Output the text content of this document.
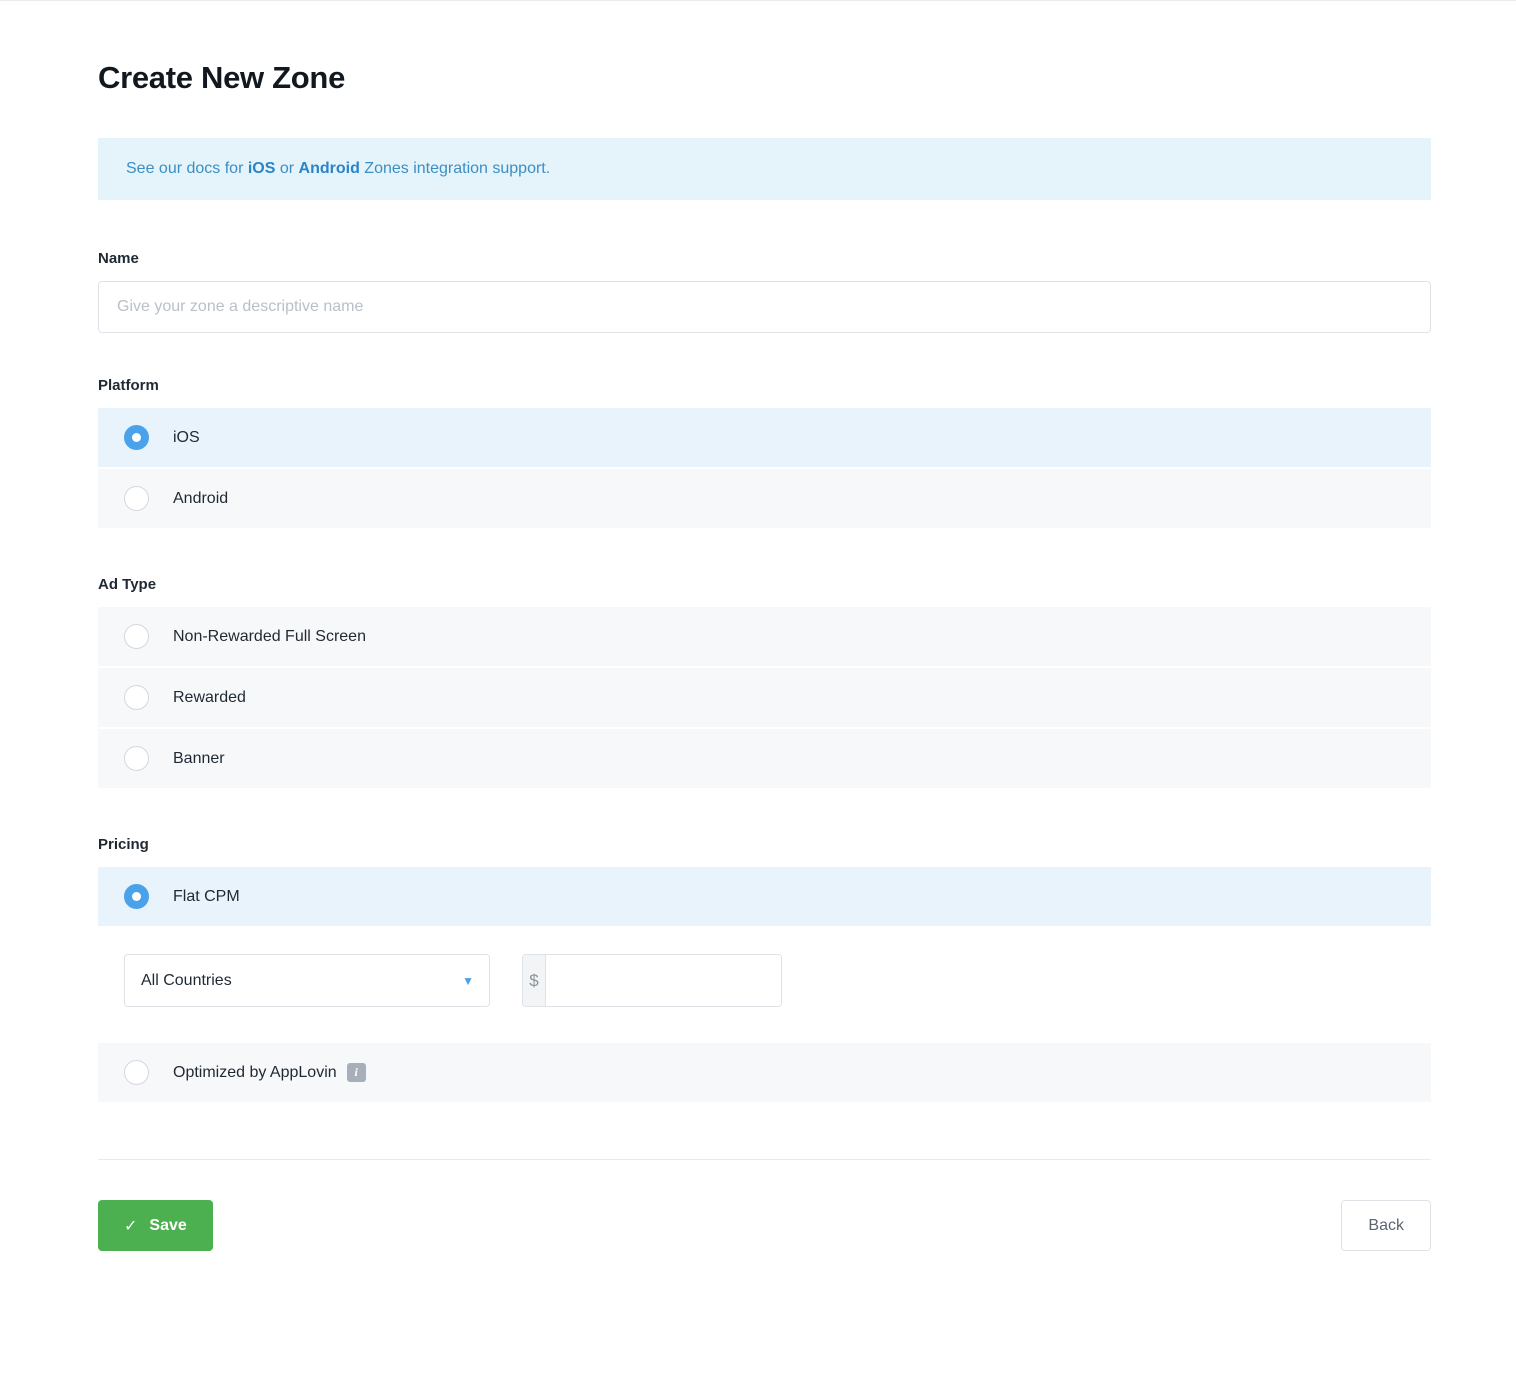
Create New Zone
See our docs for iOS or Android Zones integration support.
Name
Give your zone a descriptive name
Platform
iOS
Android
Ad Type
Non-Rewarded Full Screen
Rewarded
Banner
Pricing
Flat CPM
All Countries
▼	$
Optimized by AppLovin	i
✓ Save	Back
